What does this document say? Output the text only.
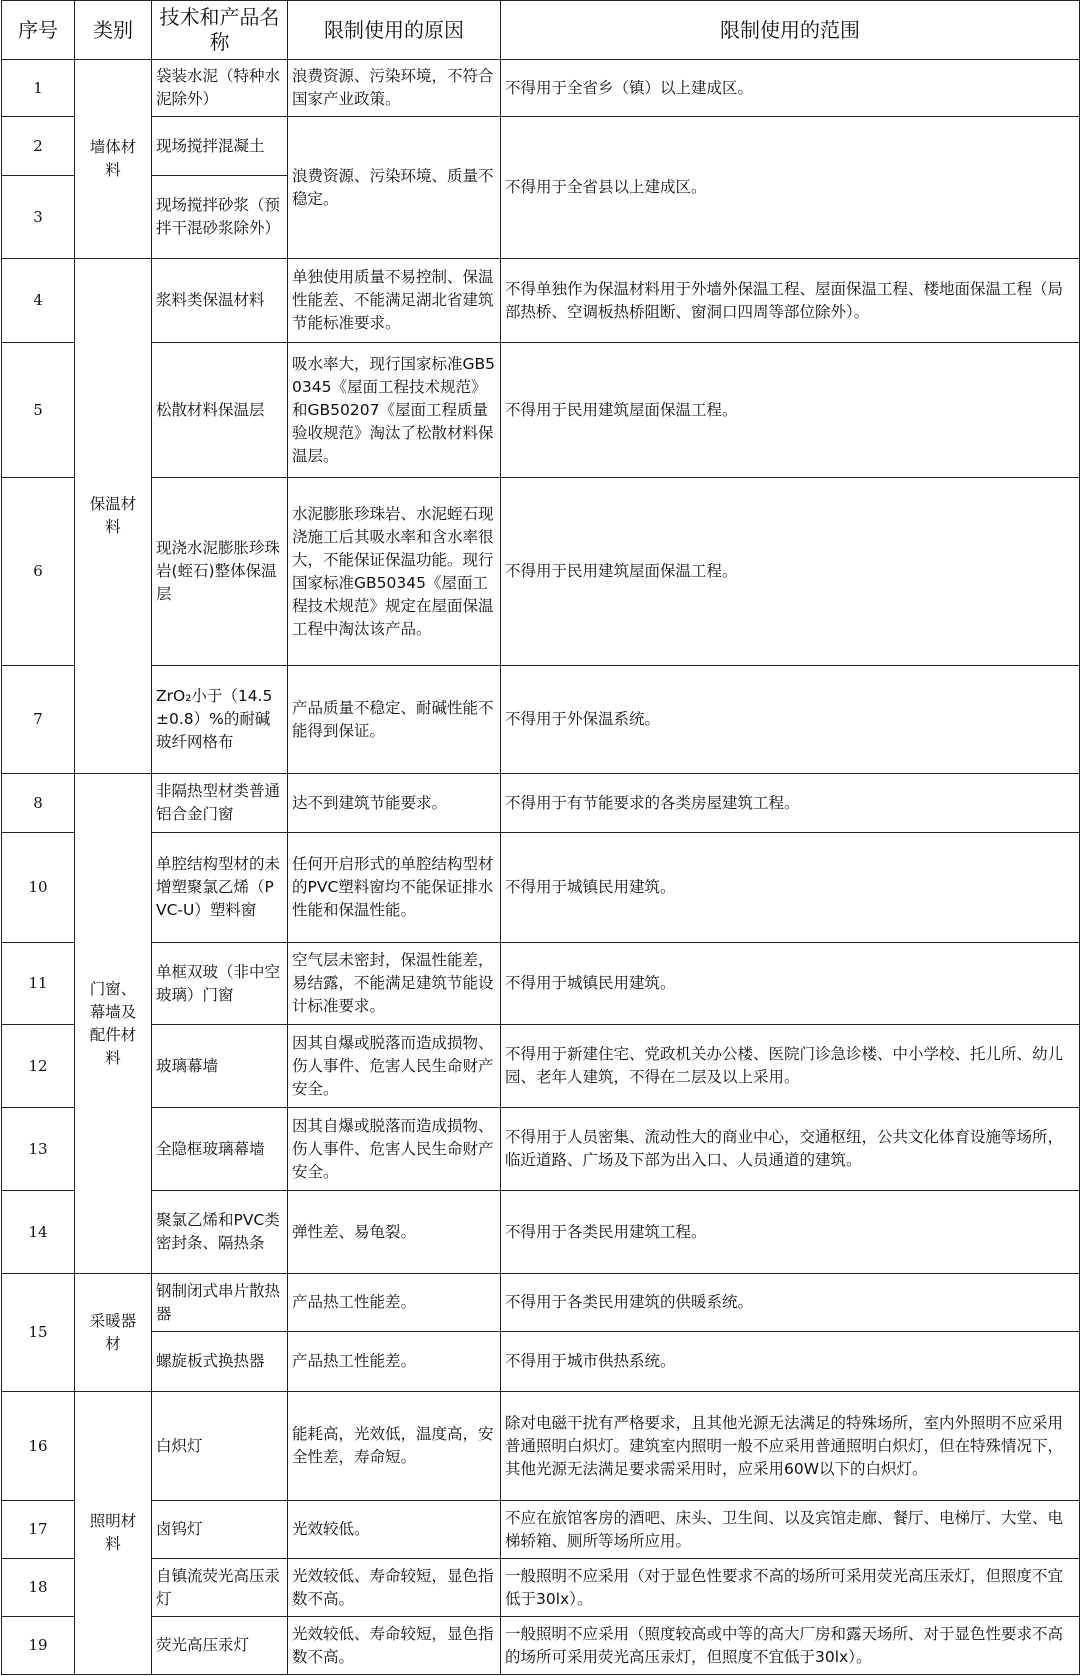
序号	类别	技术和产品名称	限制使用的原因	限制使用的范围
1	墙体材料	袋装水泥（特种水泥除外）	浪费资源、污染环境，不符合国家产业政策。	不得用于全省乡（镇）以上建成区。
2		现场搅拌混凝土	浪费资源、污染环境、质量不稳定。	不得用于全省县以上建成区。
3		现场搅拌砂浆（预拌干混砂浆除外）		
4	保温材料	浆料类保温材料	单独使用质量不易控制、保温性能差、不能满足湖北省建筑节能标准要求。	不得单独作为保温材料用于外墙外保温工程、屋面保温工程、楼地面保温工程（局部热桥、空调板热桥阻断、窗洞口四周等部位除外）。
5		松散材料保温层	吸水率大，现行国家标准GB50345《屋面工程技术规范》和GB50207《屋面工程质量验收规范》淘汰了松散材料保温层。	不得用于民用建筑屋面保温工程。
6		现浇水泥膨胀珍珠岩(蛭石)整体保温层	水泥膨胀珍珠岩、水泥蛭石现浇施工后其吸水率和含水率很大，不能保证保温功能。现行国家标准GB50345《屋面工程技术规范》规定在屋面保温工程中淘汰该产品。	不得用于民用建筑屋面保温工程。
7		ZrO₂小于（14.5±0.8）%的耐碱玻纤网格布	产品质量不稳定、耐碱性能不能得到保证。	不得用于外保温系统。
8	门窗、幕墙及配件材料	非隔热型材类普通铝合金门窗	达不到建筑节能要求。	不得用于有节能要求的各类房屋建筑工程。
10		单腔结构型材的未增塑聚氯乙烯（PVC-U）塑料窗	任何开启形式的单腔结构型材的PVC塑料窗均不能保证排水性能和保温性能。	不得用于城镇民用建筑。
11		单框双玻（非中空玻璃）门窗	空气层未密封，保温性能差，易结露，不能满足建筑节能设计标准要求。	不得用于城镇民用建筑。
12		玻璃幕墙	因其自爆或脱落而造成损物、伤人事件、危害人民生命财产安全。	不得用于新建住宅、党政机关办公楼、医院门诊急诊楼、中小学校、托儿所、幼儿园、老年人建筑，不得在二层及以上采用。
13		全隐框玻璃幕墙	因其自爆或脱落而造成损物、伤人事件、危害人民生命财产安全。	不得用于人员密集、流动性大的商业中心，交通枢纽，公共文化体育设施等场所，临近道路、广场及下部为出入口、人员通道的建筑。
14		聚氯乙烯和PVC类密封条、隔热条	弹性差、易龟裂。	不得用于各类民用建筑工程。
15	采暖器材	钢制闭式串片散热器	产品热工性能差。	不得用于各类民用建筑的供暖系统。
		螺旋板式换热器	产品热工性能差。	不得用于城市供热系统。
16	照明材料	白炽灯	能耗高，光效低，温度高，安全性差，寿命短。	除对电磁干扰有严格要求，且其他光源无法满足的特殊场所，室内外照明不应采用普通照明白炽灯。建筑室内照明一般不应采用普通照明白炽灯，但在特殊情况下，其他光源无法满足要求需采用时，应采用60W以下的白炽灯。
17		卤钨灯	光效较低。	不应在旅馆客房的酒吧、床头、卫生间、以及宾馆走廊、餐厅、电梯厅、大堂、电梯轿箱、厕所等场所应用。
18		自镇流荧光高压汞灯	光效较低、寿命较短，显色指数不高。	一般照明不应采用（对于显色性要求不高的场所可采用荧光高压汞灯，但照度不宜低于30lx）。
19		荧光高压汞灯	光效较低、寿命较短，显色指数不高。	一般照明不应采用（照度较高或中等的高大厂房和露天场所、对于显色性要求不高的场所可采用荧光高压汞灯，但照度不宜低于30lx）。
